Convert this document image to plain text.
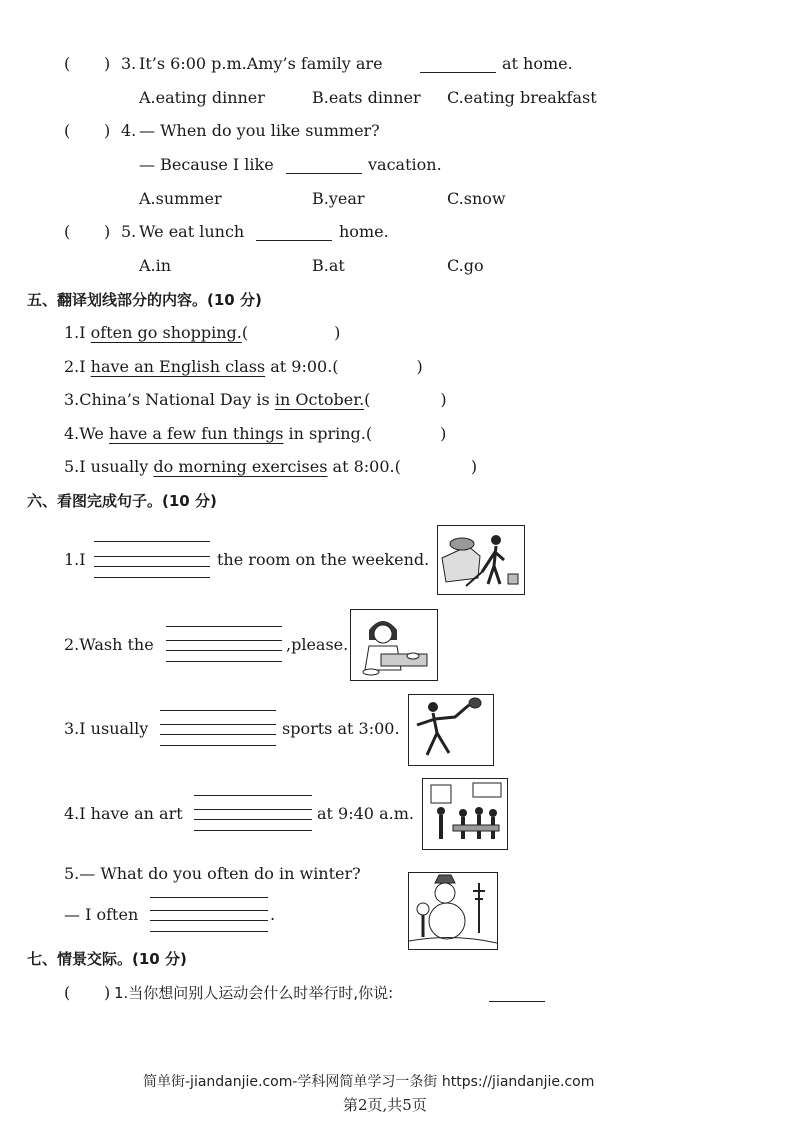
( ) 3. It’s 6:00 p.m.Amy’s family are	at home.
A.eating dinner	B.eats dinner C.eating breakfast
( ) 4. — When do you like summer?
— Because I like	vacation.
A.summer	B.year	C.snow
( ) 5. We eat lunch	home.
A.in	B.at	C.go
五、翻译划线部分的内容。(10 分)
1.I often go shopping.(	)
2.I have an English class at 9:00.(	)
3.China’s National Day is in October.(	)
4.We have a few fun things in spring.(	)
5.I usually do morning exercises at 8:00.(	)
六、看图完成句子。(10 分)
1.I	the room on the weekend.
2.Wash the	,please.
3.I usually	sports at 3:00.
4.I have an art	at 9:40 a.m.
5.— What do you often do in winter?
— I often	.
七、情景交际。(10 分)
( ) 1.当你想问别人运动会什么时举行时,你说:
简单街-jiandanjie.com-学科网简单学习一条街 https://jiandanjie.com
第2页,共5页
